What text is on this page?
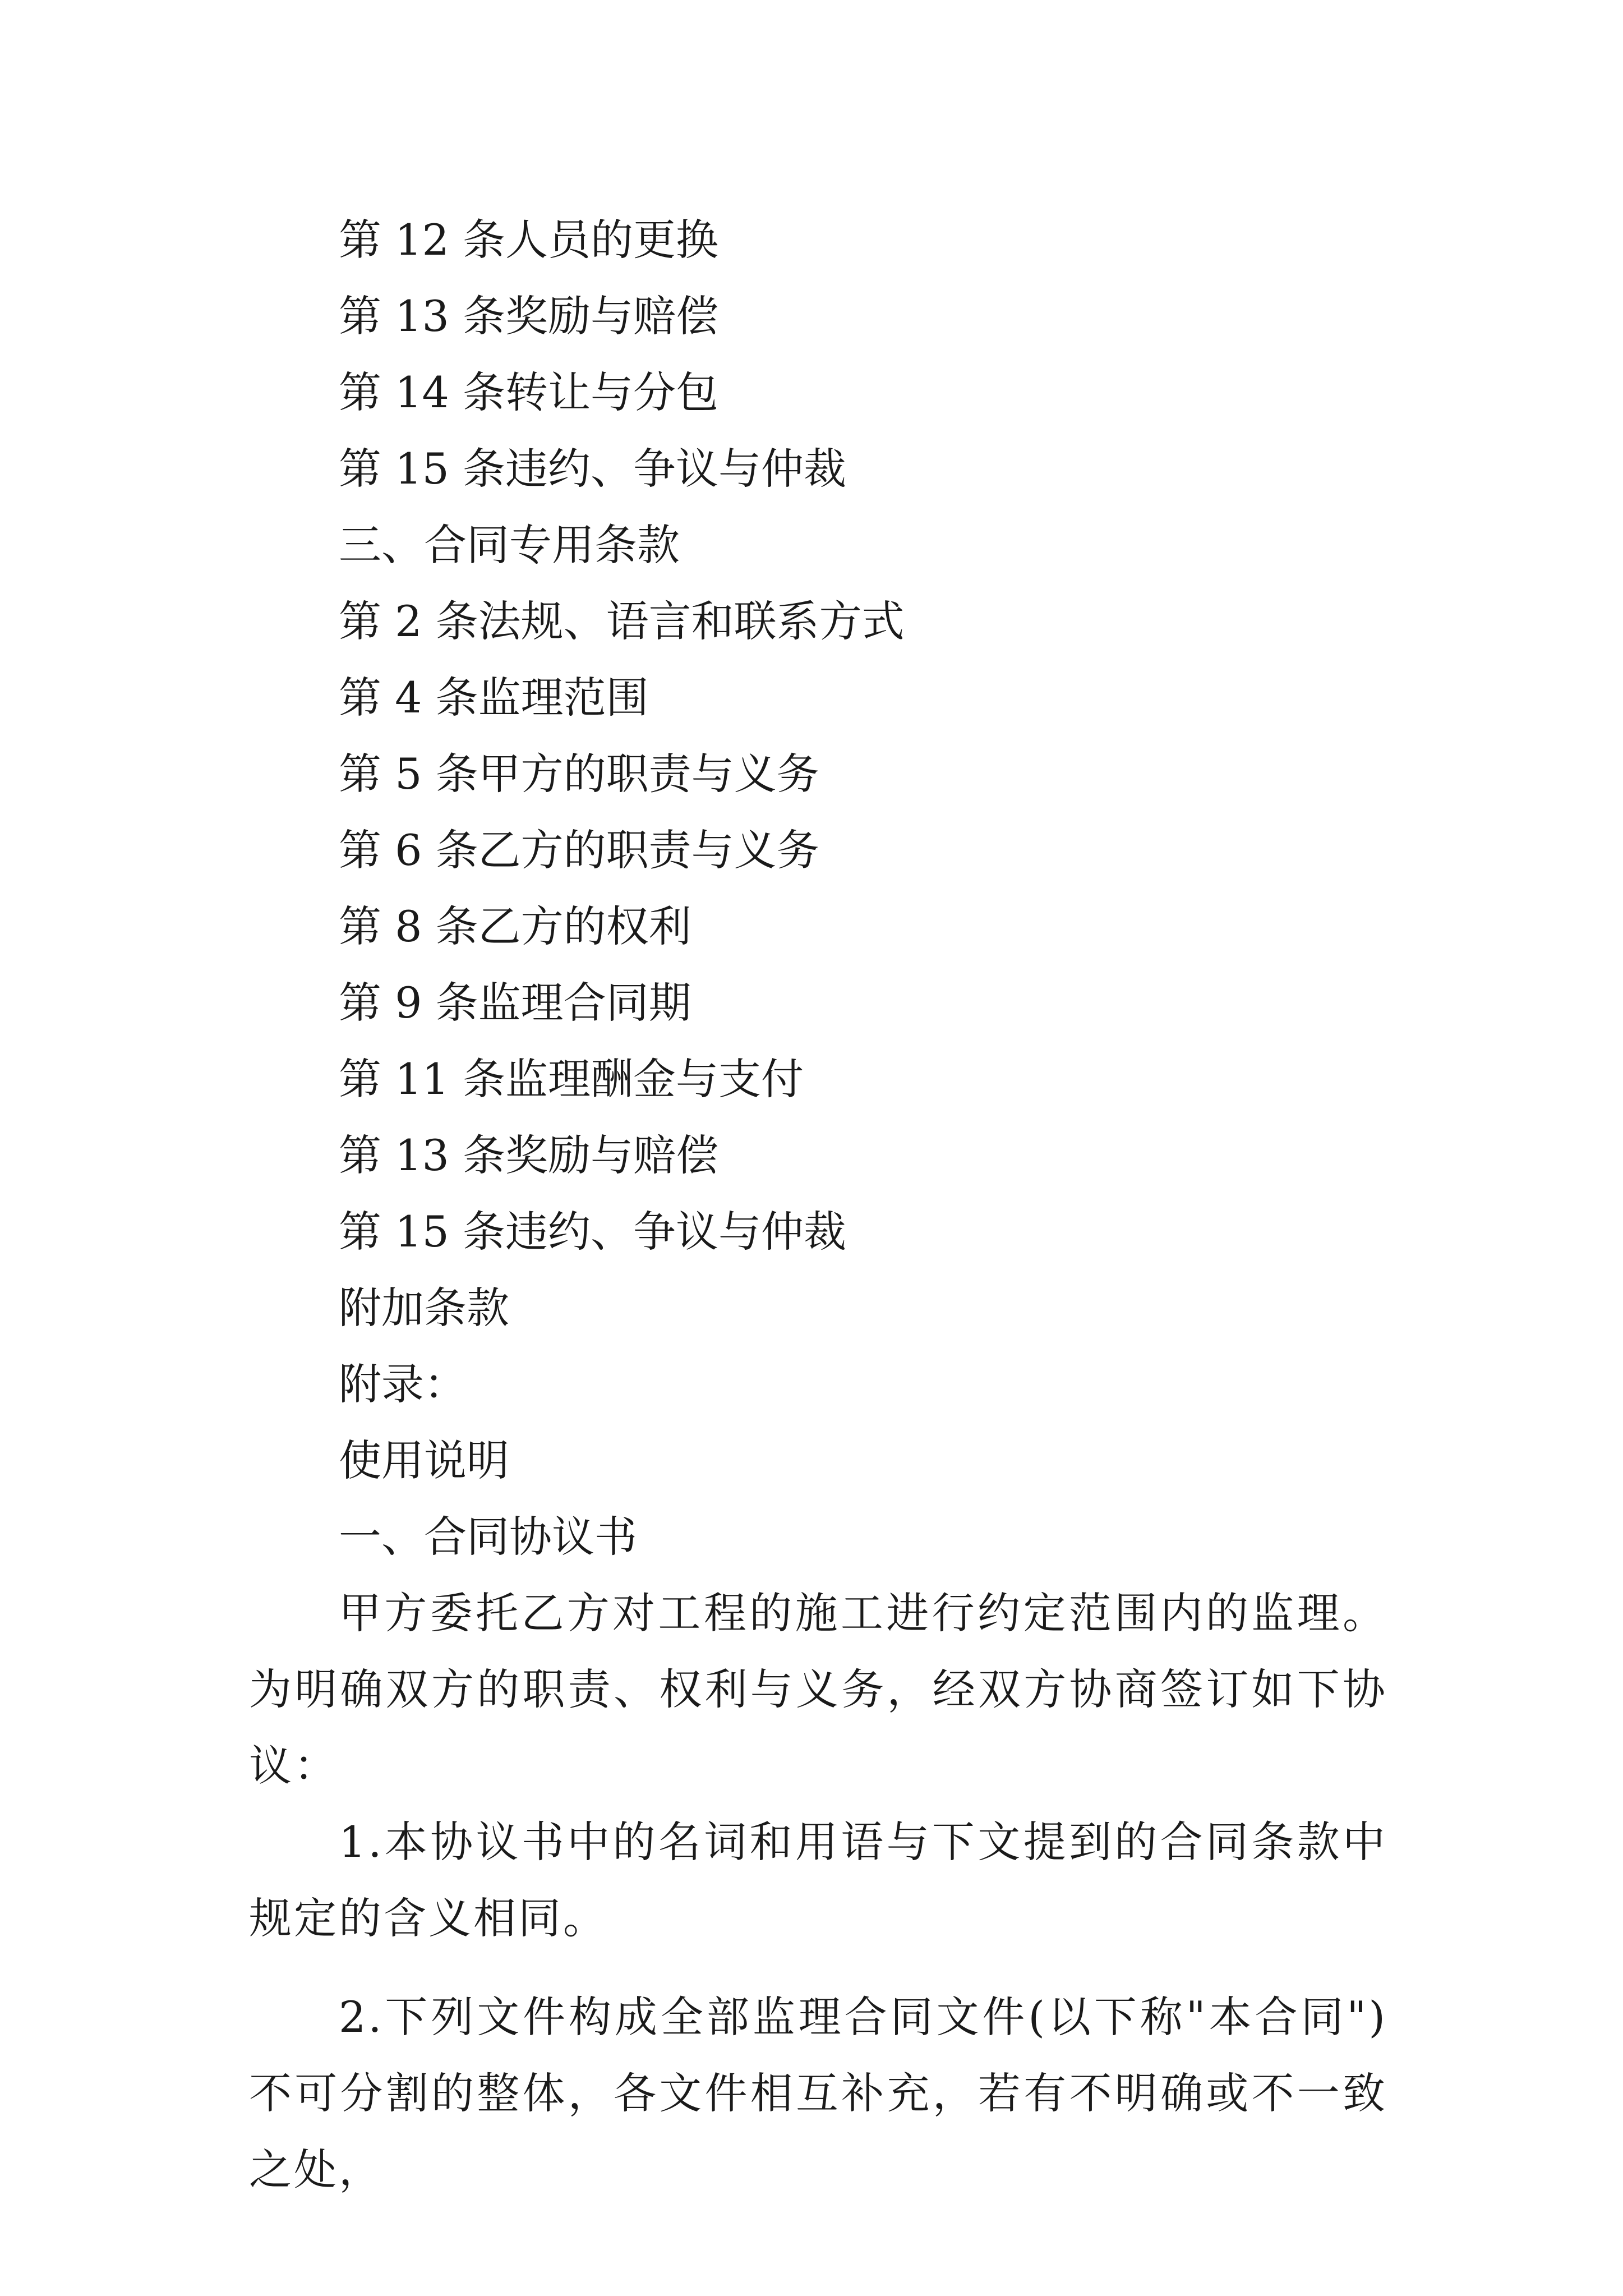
第 12 条人员的更换

第 13 条奖励与赔偿

第 14 条转让与分包

第 15 条违约、争议与仲裁

三、合同专用条款

第 2 条法规、语言和联系方式

第 4 条监理范围

第 5 条甲方的职责与义务

第 6 条乙方的职责与义务

第 8 条乙方的权利

第 9 条监理合同期

第 11 条监理酬金与支付

第 13 条奖励与赔偿

第 15 条违约、争议与仲裁

附加条款

附录：

使用说明

一、合同协议书

甲方委托乙方对工程的施工进行约定范围内的监理。为明确双方的职责、权利与义务，经双方协商签订如下协议：

1.本协议书中的名词和用语与下文提到的合同条款中规定的含义相同。

2.下列文件构成全部监理合同文件(以下称"本合同")不可分割的整体，各文件相互补充，若有不明确或不一致之处，
